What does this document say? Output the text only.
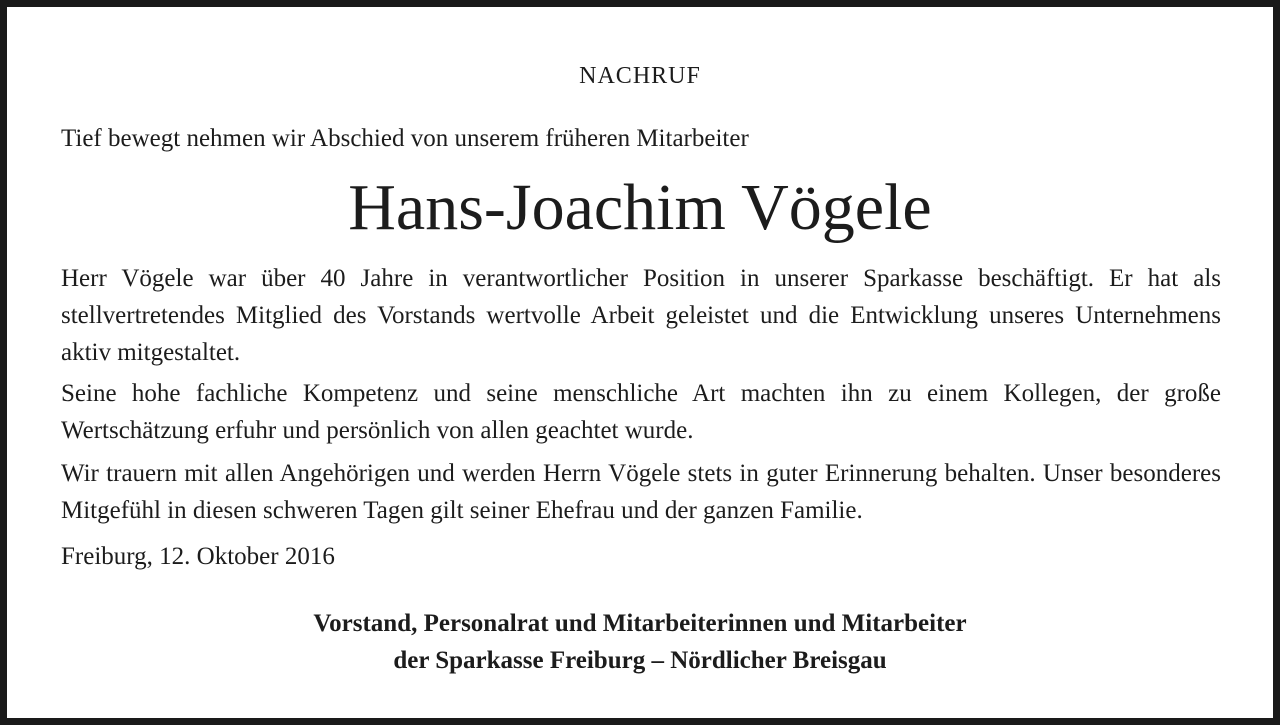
NACHRUF
Tief bewegt nehmen wir Abschied von unserem früheren Mitarbeiter
Hans-Joachim Vögele

Herr Vögele war über 40 Jahre in verantwortlicher Position in unserer Sparkasse beschäftigt. Er hat als stellvertretendes Mitglied des Vorstands wertvolle Arbeit geleistet und die Entwicklung unseres Unternehmens aktiv mitgestaltet.

Seine hohe fachliche Kompetenz und seine menschliche Art machten ihn zu einem Kollegen, der große Wertschätzung erfuhr und persönlich von allen geachtet wurde.

Wir trauern mit allen Angehörigen und werden Herrn Vögele stets in guter Erinnerung behalten. Unser besonderes Mitgefühl in diesen schweren Tagen gilt seiner Ehefrau und der ganzen Familie.

Freiburg, 12. Oktober 2016
Vorstand, Personalrat und Mitarbeiterinnen und Mitarbeiter
der Sparkasse Freiburg – Nördlicher Breisgau
